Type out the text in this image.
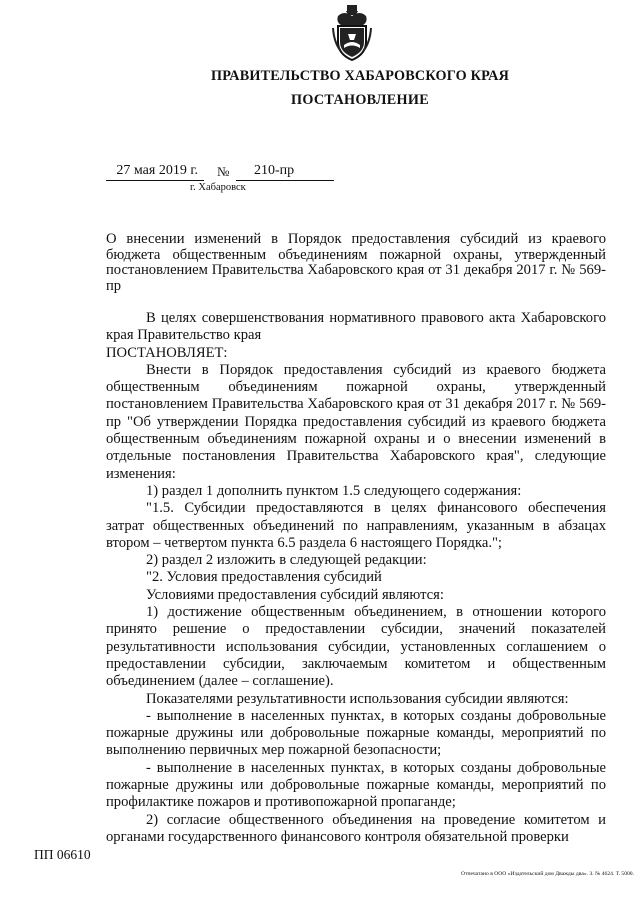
ПРАВИТЕЛЬСТВО ХАБАРОВСКОГО КРАЯ
ПОСТАНОВЛЕНИЕ
27 мая 2019 г.	№	210-пр
г. Хабаровск
О внесении изменений в Порядок предоставления субсидий из краевого бюджета общественным объединениям пожарной охраны, утвержденный постановлением Правительства Хабаровского края от 31 декабря 2017 г. № 569-пр

В целях совершенствования нормативного правового акта Хабаровского края Правительство края

ПОСТАНОВЛЯЕТ:

Внести в Порядок предоставления субсидий из краевого бюджета общественным объединениям пожарной охраны, утвержденный постановлением Правительства Хабаровского края от 31 декабря 2017 г. № 569-пр "Об утверждении Порядка предоставления субсидий из краевого бюджета общественным объединениям пожарной охраны и о внесении изменений в отдельные постановления Правительства Хабаровского края", следующие изменения:

1) раздел 1 дополнить пунктом 1.5 следующего содержания:

"1.5. Субсидии предоставляются в целях финансового обеспечения затрат общественных объединений по направлениям, указанным в абзацах втором – четвертом пункта 6.5 раздела 6 настоящего Порядка.";

2) раздел 2 изложить в следующей редакции:

"2. Условия предоставления субсидий

Условиями предоставления субсидий являются:

1) достижение общественным объединением, в отношении которого принято решение о предоставлении субсидии, значений показателей результативности использования субсидии, установленных соглашением о предоставлении субсидии, заключаемым комитетом и общественным объединением (далее – соглашение).

Показателями результативности использования субсидии являются:

- выполнение в населенных пунктах, в которых созданы добровольные пожарные дружины или добровольные пожарные команды, мероприятий по выполнению первичных мер пожарной безопасности;

- выполнение в населенных пунктах, в которых созданы добровольные пожарные дружины или добровольные пожарные команды, мероприятий по профилактике пожаров и противопожарной пропаганде;

2) согласие общественного объединения на проведение комитетом и органами государственного финансового контроля обязательной проверки

ПП 06610
Отпечатано в ООО «Издательский дом Дважды два». З. № 4624. Т. 5000.
